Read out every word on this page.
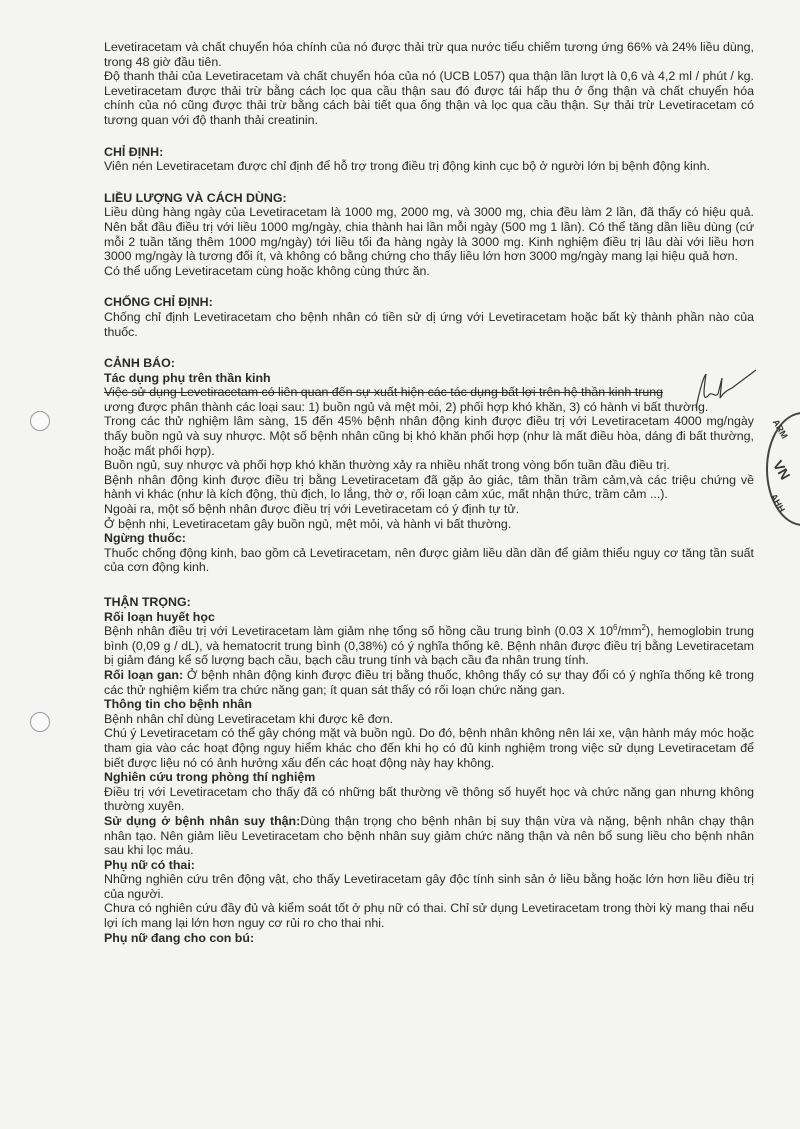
ARM
VN
AHH

Levetiracetam và chất chuyển hóa chính của nó được thải trừ qua nước tiểu chiếm tương ứng 66% và 24% liều dùng, trong 48 giờ đầu tiên.

Độ thanh thải của Levetiracetam và chất chuyển hóa của nó (UCB L057) qua thận lần lượt là 0,6 và 4,2 ml / phút / kg. Levetiracetam được thải trừ bằng cách lọc qua cầu thận sau đó được tái hấp thu ở ống thận và chất chuyển hóa chính của nó cũng được thải trừ bằng cách bài tiết qua ống thận và lọc qua cầu thận. Sự thải trừ Levetiracetam có tương quan với độ thanh thải creatinin.

CHỈ ĐỊNH:

Viên nén Levetiracetam được chỉ định để hỗ trợ trong điều trị động kinh cục bộ ở người lớn bị bệnh động kinh.

LIỀU LƯỢNG VÀ CÁCH DÙNG:

Liều dùng hàng ngày của Levetiracetam là 1000 mg, 2000 mg, và 3000 mg, chia đều làm 2 lần, đã thấy có hiệu quả. Nên bắt đầu điều trị với liều 1000 mg/ngày, chia thành hai lần mỗi ngày (500 mg 1 lần). Có thể tăng dần liều dùng (cứ mỗi 2 tuần tăng thêm 1000 mg/ngày) tới liều tối đa hàng ngày là 3000 mg. Kinh nghiệm điều trị lâu dài với liều hơn 3000 mg/ngày là tương đối ít, và không có bằng chứng cho thấy liều lớn hơn 3000 mg/ngày mang lại hiệu quả hơn.

Có thể uống Levetiracetam cùng hoặc không cùng thức ăn.

CHỐNG CHỈ ĐỊNH:

Chống chỉ định Levetiracetam cho bệnh nhân có tiền sử dị ứng với Levetiracetam hoặc bất kỳ thành phần nào của thuốc.

CẢNH BÁO:

Tác dụng phụ trên thần kinh

Việc sử dụng Levetiracetam có liên quan đến sự xuất hiện các tác dụng bất lợi trên hệ thần kinh trung

ương được phân thành các loại sau: 1) buồn ngủ và mệt mỏi, 2) phối hợp khó khăn, 3) có hành vi bất thường.

Trong các thử nghiệm lâm sàng, 15 đến 45% bệnh nhân động kinh được điều trị với Levetiracetam 4000 mg/ngày thấy buồn ngủ và suy nhược. Một số bệnh nhân cũng bị khó khăn phối hợp (như là mất điều hòa, dáng đi bất thường, hoặc mất phối hợp).

Buồn ngủ, suy nhược và phối hợp khó khăn thường xảy ra nhiều nhất trong vòng bốn tuần đầu điều trị.

Bệnh nhân động kinh được điều trị bằng Levetiracetam đã gặp ảo giác, tâm thần trầm cảm,và các triệu chứng về hành vi khác (như là kích động, thù địch, lo lắng, thờ ơ, rối loạn cảm xúc, mất nhận thức, trầm cảm ...).

Ngoài ra, một số bệnh nhân được điều trị với Levetiracetam có ý định tự tử.

Ở bệnh nhi, Levetiracetam gây buồn ngủ, mệt mỏi, và hành vi bất thường.

Ngừng thuốc:

Thuốc chống động kinh, bao gồm cả Levetiracetam, nên được giảm liều dần dần để giảm thiểu nguy cơ tăng tần suất của cơn động kinh.

THẬN TRỌNG:

Rối loạn huyết học

Bệnh nhân điều trị với Levetiracetam làm giảm nhẹ tổng số hồng cầu trung bình (0.03 X $10^6/mm^2$), hemoglobin trung bình (0,09 g / dL), và hematocrit trung bình (0,38%) có ý nghĩa thống kê. Bệnh nhân được điều trị bằng Levetiracetam bị giảm đáng kể số lượng bạch cầu, bạch cầu trung tính và bạch cầu đa nhân trung tính.

Rối loạn gan: Ở bệnh nhân động kinh được điều trị bằng thuốc, không thấy có sự thay đổi có ý nghĩa thống kê trong các thử nghiệm kiểm tra chức năng gan; ít quan sát thấy có rối loạn chức năng gan.

Thông tin cho bệnh nhân

Bệnh nhân chỉ dùng Levetiracetam khi được kê đơn.

Chú ý Levetiracetam có thể gây chóng mặt và buồn ngủ. Do đó, bệnh nhân không nên lái xe, vận hành máy móc hoặc tham gia vào các hoạt động nguy hiểm khác cho đến khi họ có đủ kinh nghiệm trong việc sử dụng Levetiracetam để biết được liệu nó có ảnh hưởng xấu đến các hoạt động này hay không.

Nghiên cứu trong phòng thí nghiệm

Điều trị với Levetiracetam cho thấy đã có những bất thường về thông số huyết học và chức năng gan nhưng không thường xuyên.

Sử dụng ở bệnh nhân suy thận:Dùng thận trọng cho bệnh nhân bị suy thận vừa và nặng, bệnh nhân chạy thận nhân tạo. Nên giảm liều Levetiracetam cho bệnh nhân suy giảm chức năng thận và nên bổ sung liều cho bệnh nhân sau khi lọc máu.

Phụ nữ có thai:

Những nghiên cứu trên động vật, cho thấy Levetiracetam gây độc tính sinh sản ở liều bằng hoặc lớn hơn liều điều trị của người.

Chưa có nghiên cứu đầy đủ và kiểm soát tốt ở phụ nữ có thai. Chỉ sử dụng Levetiracetam trong thời kỳ mang thai nếu lợi ích mang lại lớn hơn nguy cơ rủi ro cho thai nhi.

Phụ nữ đang cho con bú:
